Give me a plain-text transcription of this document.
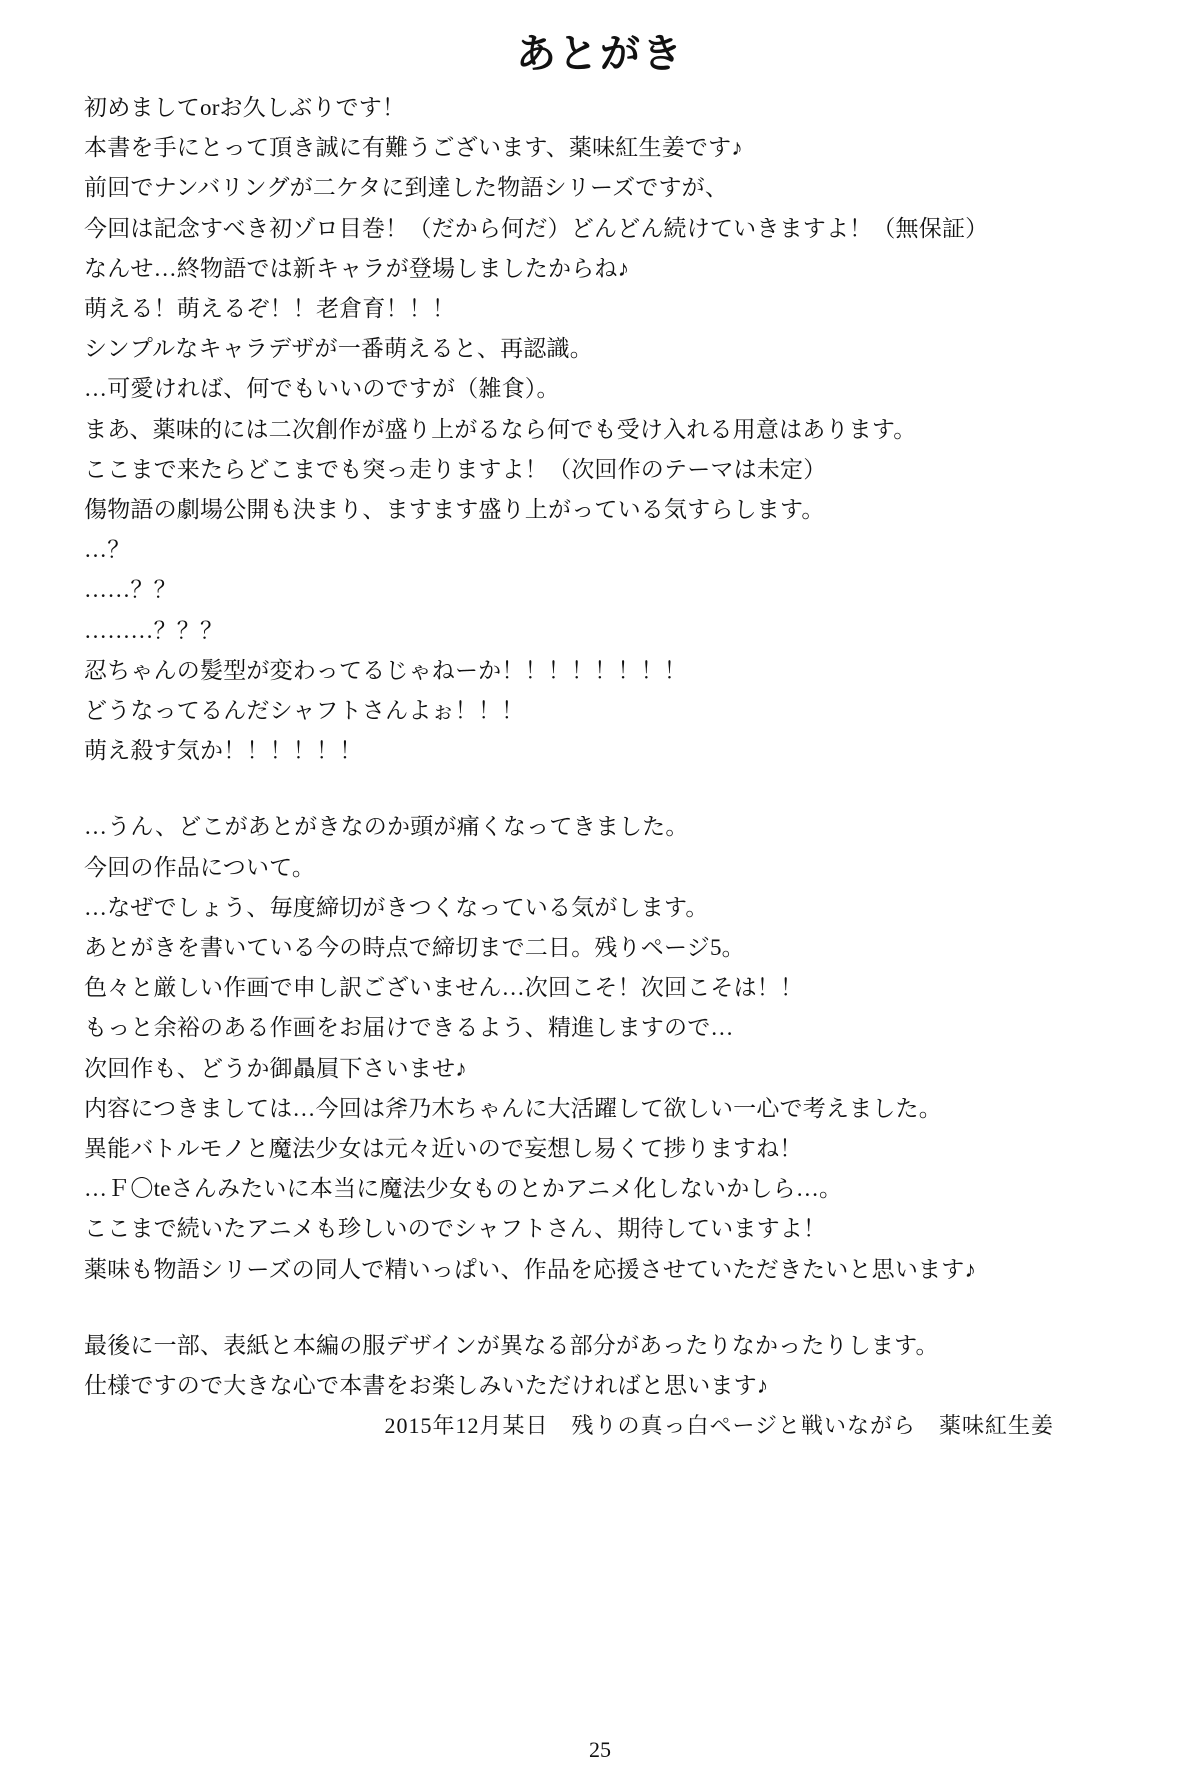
あとがき
初めましてorお久しぶりです！
本書を手にとって頂き誠に有難うございます、薬味紅生姜です♪
前回でナンバリングが二ケタに到達した物語シリーズですが、
今回は記念すべき初ゾロ目巻！（だから何だ）どんどん続けていきますよ！（無保証）
なんせ…終物語では新キャラが登場しましたからね♪
萌える！萌えるぞ！！老倉育！！！
シンプルなキャラデザが一番萌えると、再認識。
…可愛ければ、何でもいいのですが（雑食）。
まあ、薬味的には二次創作が盛り上がるなら何でも受け入れる用意はあります。
ここまで来たらどこまでも突っ走りますよ！（次回作のテーマは未定）
傷物語の劇場公開も決まり、ますます盛り上がっている気すらします。
…？
……？？
………？？？
忍ちゃんの髪型が変わってるじゃねーか！！！！！！！！
どうなってるんだシャフトさんよぉ！！！
萌え殺す気か！！！！！！
…うん、どこがあとがきなのか頭が痛くなってきました。
今回の作品について。
…なぜでしょう、毎度締切がきつくなっている気がします。
あとがきを書いている今の時点で締切まで二日。残りページ5。
色々と厳しい作画で申し訳ございません…次回こそ！次回こそは！！
もっと余裕のある作画をお届けできるよう、精進しますので…
次回作も、どうか御贔屓下さいませ♪
内容につきましては…今回は斧乃木ちゃんに大活躍して欲しい一心で考えました。
異能バトルモノと魔法少女は元々近いので妄想し易くて捗りますね！
…Ｆ〇teさんみたいに本当に魔法少女ものとかアニメ化しないかしら…。
ここまで続いたアニメも珍しいのでシャフトさん、期待していますよ！
薬味も物語シリーズの同人で精いっぱい、作品を応援させていただきたいと思います♪
最後に一部、表紙と本編の服デザインが異なる部分があったりなかったりします。
仕様ですので大きな心で本書をお楽しみいただければと思います♪
2015年12月某日　残りの真っ白ページと戦いながら　薬味紅生姜
25
